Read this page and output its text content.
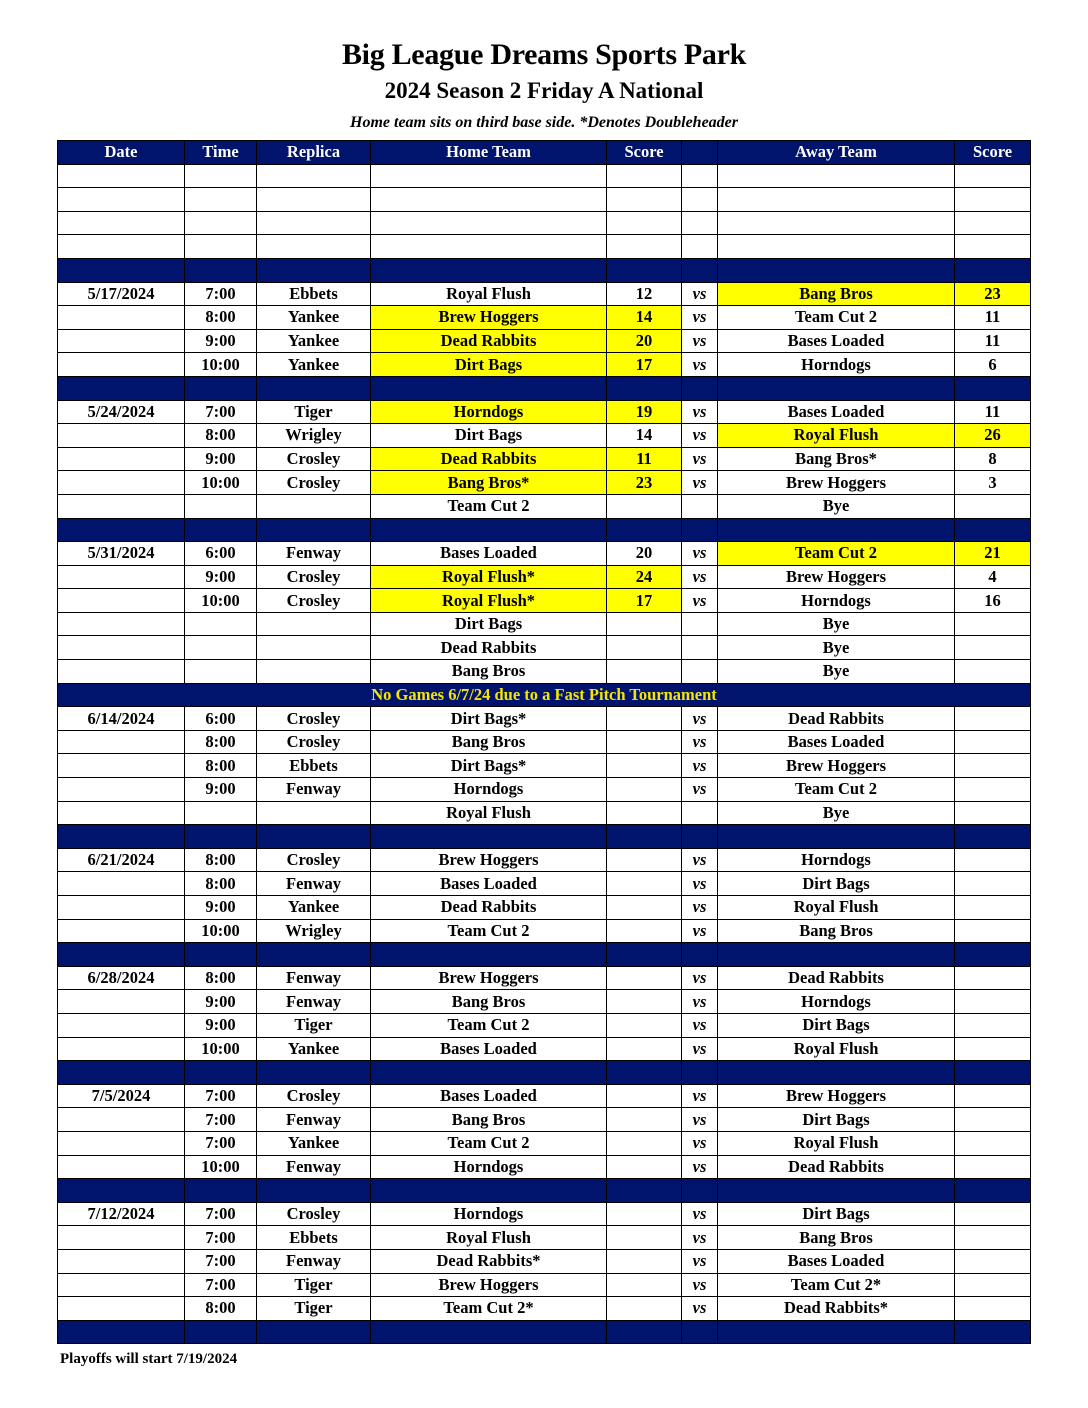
Big League Dreams Sports Park
2024 Season 2 Friday A National
Home team sits on third base side. *Denotes Doubleheader
Date	Time	Replica	Home Team	Score		Away Team	Score

5/17/2024	7:00	Ebbets	Royal Flush	12	vs	Bang Bros	23
	8:00	Yankee	Brew Hoggers	14	vs	Team Cut 2	11
	9:00	Yankee	Dead Rabbits	20	vs	Bases Loaded	11
	10:00	Yankee	Dirt Bags	17	vs	Horndogs	6

5/24/2024	7:00	Tiger	Horndogs	19	vs	Bases Loaded	11
	8:00	Wrigley	Dirt Bags	14	vs	Royal Flush	26
	9:00	Crosley	Dead Rabbits	11	vs	Bang Bros*	8
	10:00	Crosley	Bang Bros*	23	vs	Brew Hoggers	3
			Team Cut 2			Bye	

5/31/2024	6:00	Fenway	Bases Loaded	20	vs	Team Cut 2	21
	9:00	Crosley	Royal Flush*	24	vs	Brew Hoggers	4
	10:00	Crosley	Royal Flush*	17	vs	Horndogs	16
			Dirt Bags			Bye	
			Dead Rabbits			Bye	
			Bang Bros			Bye	
No Games 6/7/24 due to a Fast Pitch Tournament							
6/14/2024	6:00	Crosley	Dirt Bags*		vs	Dead Rabbits	
	8:00	Crosley	Bang Bros		vs	Bases Loaded	
	8:00	Ebbets	Dirt Bags*		vs	Brew Hoggers	
	9:00	Fenway	Horndogs		vs	Team Cut 2	
			Royal Flush			Bye	

6/21/2024	8:00	Crosley	Brew Hoggers		vs	Horndogs	
	8:00	Fenway	Bases Loaded		vs	Dirt Bags	
	9:00	Yankee	Dead Rabbits		vs	Royal Flush	
	10:00	Wrigley	Team Cut 2		vs	Bang Bros	

6/28/2024	8:00	Fenway	Brew Hoggers		vs	Dead Rabbits	
	9:00	Fenway	Bang Bros		vs	Horndogs	
	9:00	Tiger	Team Cut 2		vs	Dirt Bags	
	10:00	Yankee	Bases Loaded		vs	Royal Flush	

7/5/2024	7:00	Crosley	Bases Loaded		vs	Brew Hoggers	
	7:00	Fenway	Bang Bros		vs	Dirt Bags	
	7:00	Yankee	Team Cut 2		vs	Royal Flush	
	10:00	Fenway	Horndogs		vs	Dead Rabbits	

7/12/2024	7:00	Crosley	Horndogs		vs	Dirt Bags	
	7:00	Ebbets	Royal Flush		vs	Bang Bros	
	7:00	Fenway	Dead Rabbits*		vs	Bases Loaded	
	7:00	Tiger	Brew Hoggers		vs	Team Cut 2*	
	8:00	Tiger	Team Cut 2*		vs	Dead Rabbits*	

Playoffs will start 7/19/2024
